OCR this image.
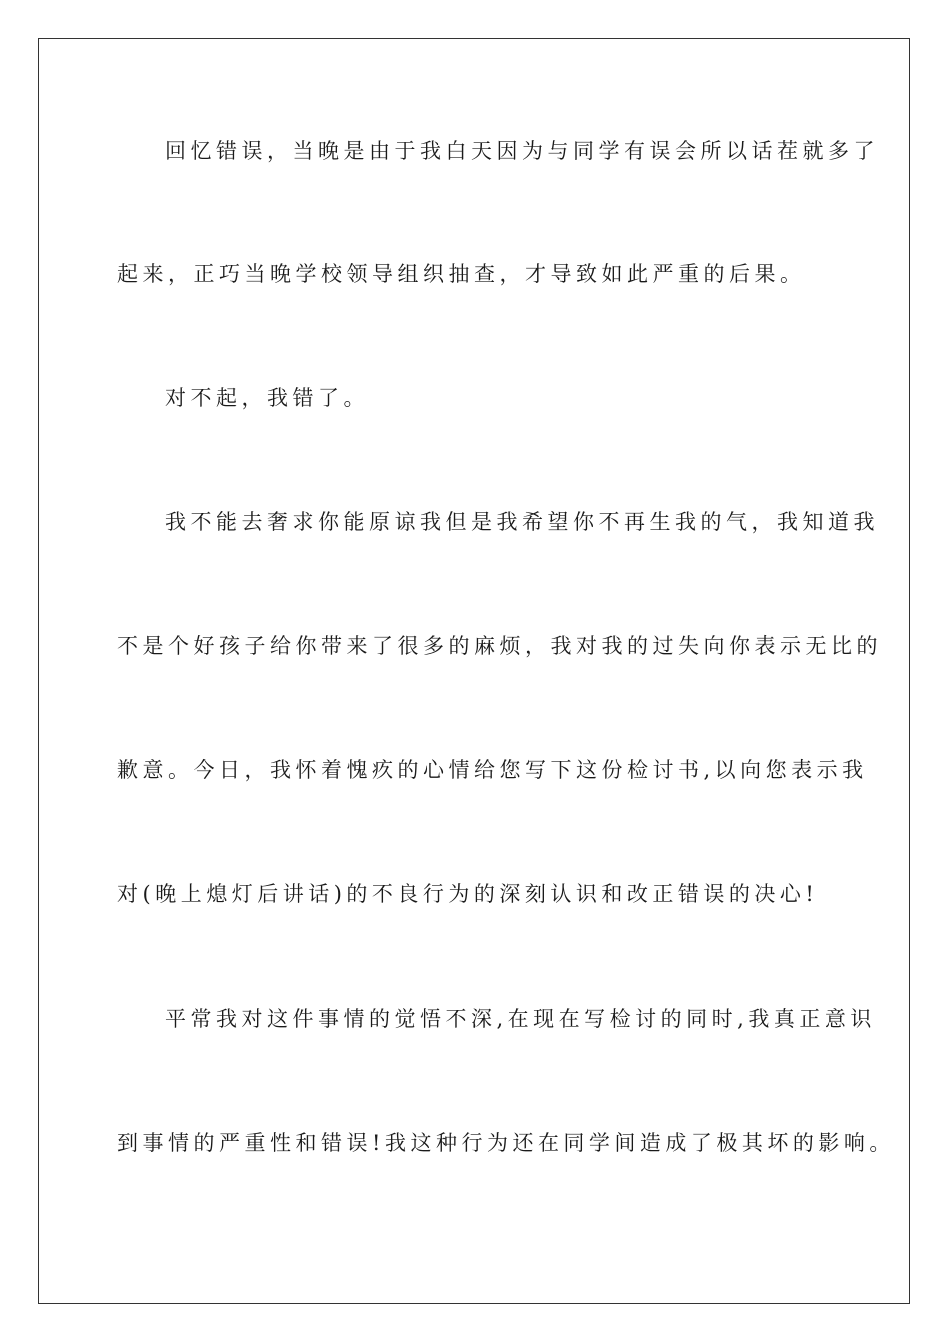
回忆错误，当晚是由于我白天因为与同学有误会所以话茬就多了
起来，正巧当晚学校领导组织抽查，才导致如此严重的后果。
对不起，我错了。
我不能去奢求你能原谅我但是我希望你不再生我的气，我知道我
不是个好孩子给你带来了很多的麻烦，我对我的过失向你表示无比的
歉意。今日，我怀着愧疚的心情给您写下这份检讨书,以向您表示我
对(晚上熄灯后讲话)的不良行为的深刻认识和改正错误的决心!
平常我对这件事情的觉悟不深,在现在写检讨的同时,我真正意识
到事情的严重性和错误!我这种行为还在同学间造成了极其坏的影响。
